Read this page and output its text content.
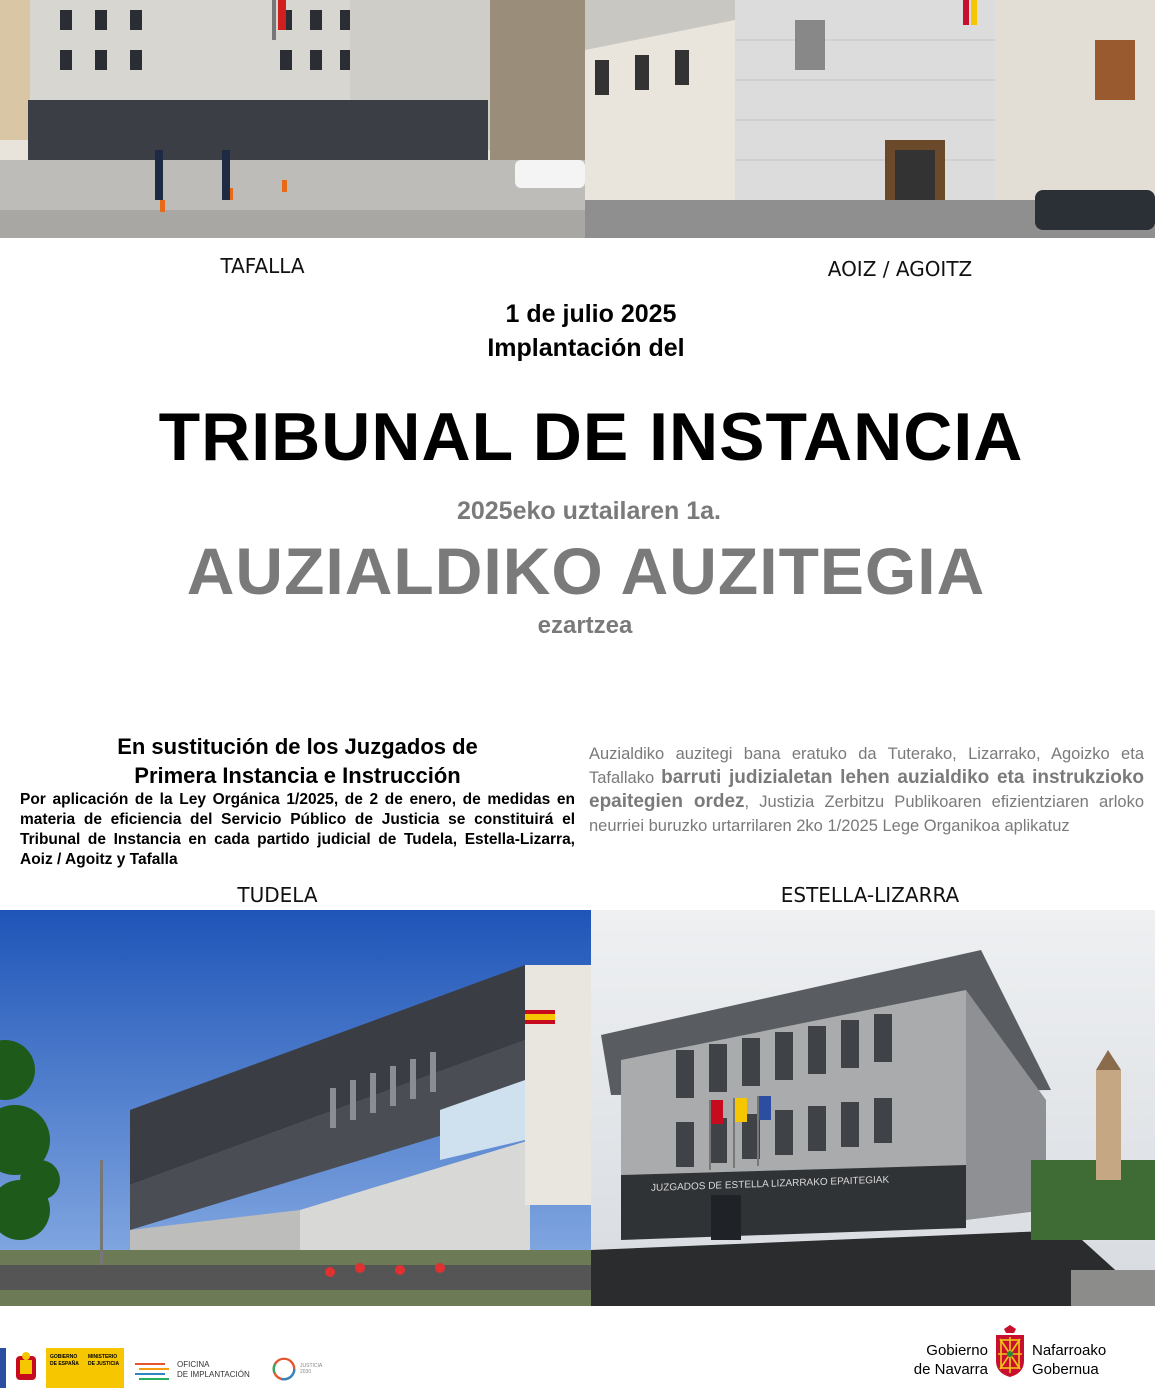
TAFALLA	AOIZ / AGOITZ
1 de julio 2025
Implantación del
TRIBUNAL DE INSTANCIA
2025eko uztailaren 1a.
AUZIALDIKO AUZITEGIA
ezartzea
En sustitución de los Juzgados de
Primera Instancia e Instrucción
Por aplicación de la Ley Orgánica 1/2025, de 2 de enero, de medidas en materia de eficiencia del Servicio Público de Justicia se constituirá el Tribunal de Instancia en cada partido judicial de Tudela, Estella-Lizarra, Aoiz / Agoitz y Tafalla
Auzialdiko auzitegi bana eratuko da Tuterako, Lizarrako, Agoizko eta Tafallako barruti judizialetan lehen auzialdiko eta instrukzioko epaitegien ordez, Justizia Zerbitzu Publikoaren efizientziaren arloko neurriei buruzko urtarrilaren 2ko 1/2025 Lege Organikoa aplikatuz
TUDELA	ESTELLA-LIZARRA
JUZGADOS DE ESTELLA LIZARRAKO EPAITEGIAK
GOBIERNO DE ESPAÑA
MINISTERIO DE JUSTICIA	OFICINA
DE IMPLANTACIÓN
JUSTICIA 2030
Gobierno
de Navarra
Nafarroako
Gobernua
